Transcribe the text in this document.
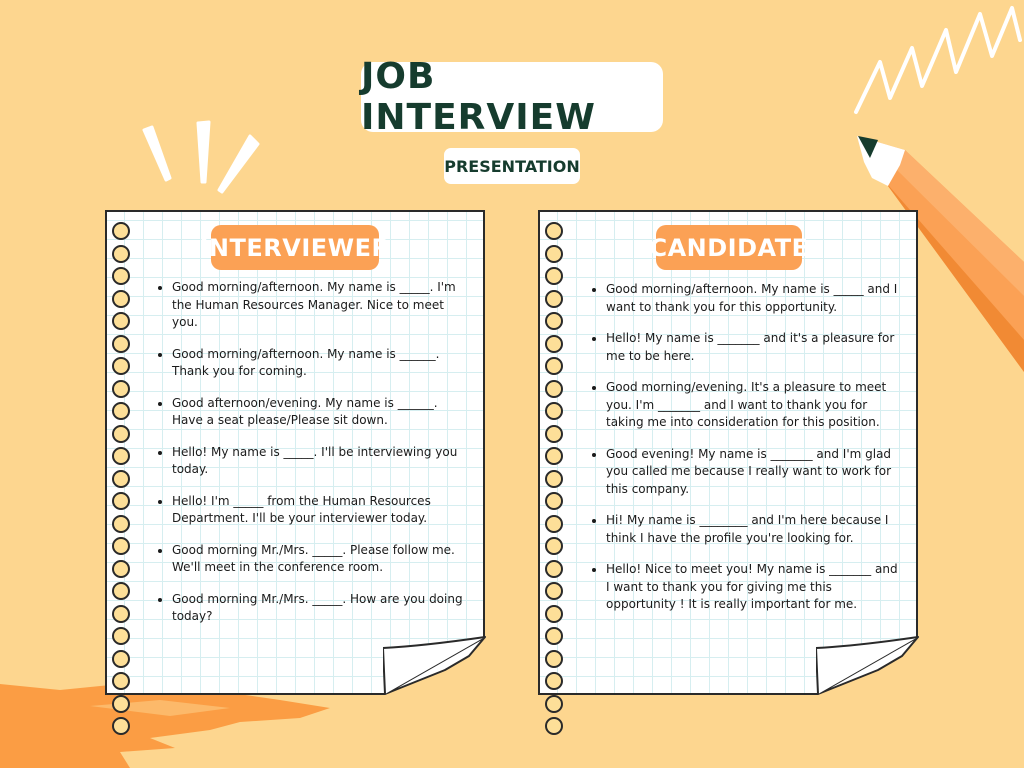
JOB INTERVIEW
PRESENTATION
INTERVIEWER
• Good morning/afternoon. My name is _____. I'm the Human Resources Manager. Nice to meet you.
• Good morning/afternoon. My name is ______. Thank you for coming.
• Good afternoon/evening. My name is ______. Have a seat please/Please sit down.
• Hello! My name is _____. I'll be interviewing you today.
• Hello! I'm _____ from the Human Resources Department. I'll be your interviewer today.
• Good morning Mr./Mrs. _____. Please follow me. We'll meet in the conference room.
• Good morning Mr./Mrs. _____. How are you doing today?
CANDIDATE
• Good morning/afternoon. My name is _____ and I want to thank you for this opportunity.
• Hello! My name is _______ and it's a pleasure for me to be here.
• Good morning/evening. It's a pleasure to meet you. I'm _______ and I want to thank you for taking me into consideration for this position.
• Good evening! My name is _______ and I'm glad you called me because I really want to work for this company.
• Hi! My name is ________ and I'm here because I think I have the profile you're looking for.
• Hello! Nice to meet you! My name is _______ and I want to thank you for giving me this opportunity ! It is really important for me.
